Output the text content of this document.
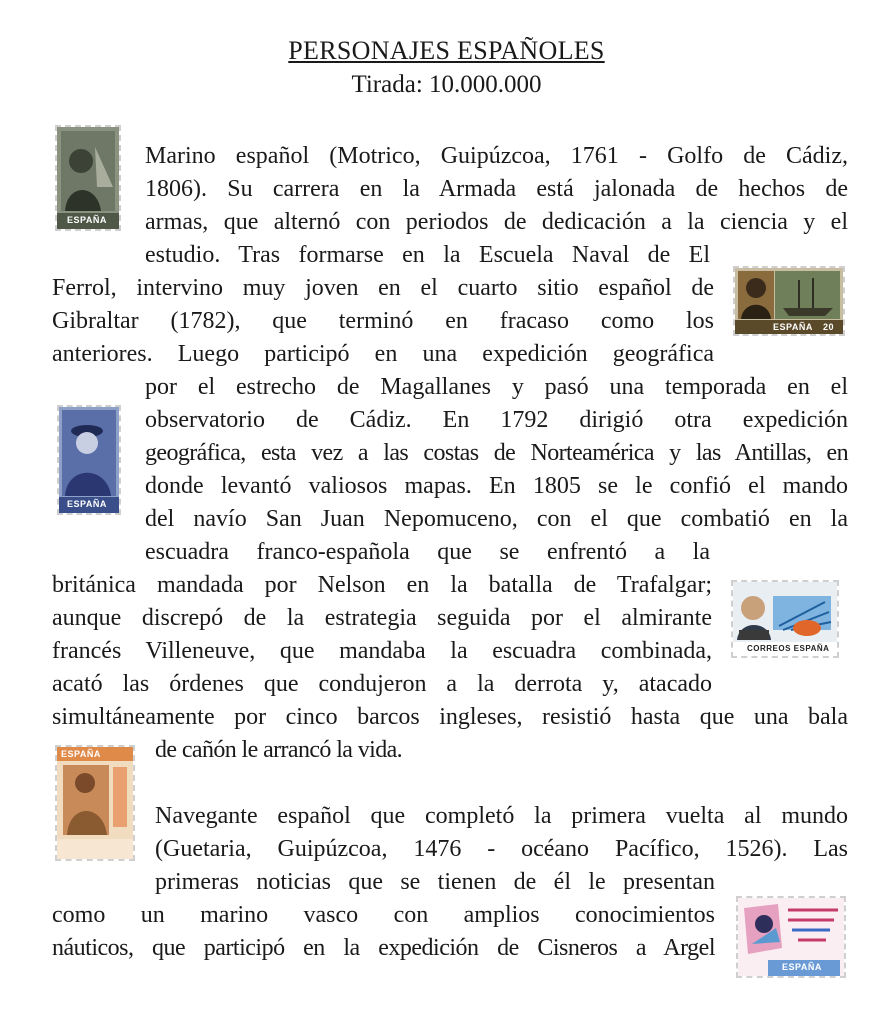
PERSONAJES ESPAÑOLES
Tirada: 10.000.000
ESPAÑA
ESPAÑA 20
ESPAÑA
CORREOS ESPAÑA
ESPAÑA
ESPAÑA
Marino español (Motrico, Guipúzcoa, 1761 - Golfo de Cádiz,
1806). Su carrera en la Armada está jalonada de hechos de
armas, que alternó con periodos de dedicación a la ciencia y el
estudio. Tras formarse en la Escuela Naval de El
Ferrol, intervino muy joven en el cuarto sitio español de
Gibraltar (1782), que terminó en fracaso como los
anteriores. Luego participó en una expedición geográfica
por el estrecho de Magallanes y pasó una temporada en el
observatorio de Cádiz. En 1792 dirigió otra expedición
geográfica, esta vez a las costas de Norteamérica y las Antillas, en
donde levantó valiosos mapas. En 1805 se le confió el mando
del navío San Juan Nepomuceno, con el que combatió en la
escuadra franco-española que se enfrentó a la
británica mandada por Nelson en la batalla de Trafalgar;
aunque discrepó de la estrategia seguida por el almirante
francés Villeneuve, que mandaba la escuadra combinada,
acató las órdenes que condujeron a la derrota y, atacado
simultáneamente por cinco barcos ingleses, resistió hasta que una bala
de cañón le arrancó la vida.
Navegante español que completó la primera vuelta al mundo
(Guetaria, Guipúzcoa, 1476 - océano Pacífico, 1526). Las
primeras noticias que se tienen de él le presentan
como un marino vasco con amplios conocimientos
náuticos, que participó en la expedición de Cisneros a Argel
